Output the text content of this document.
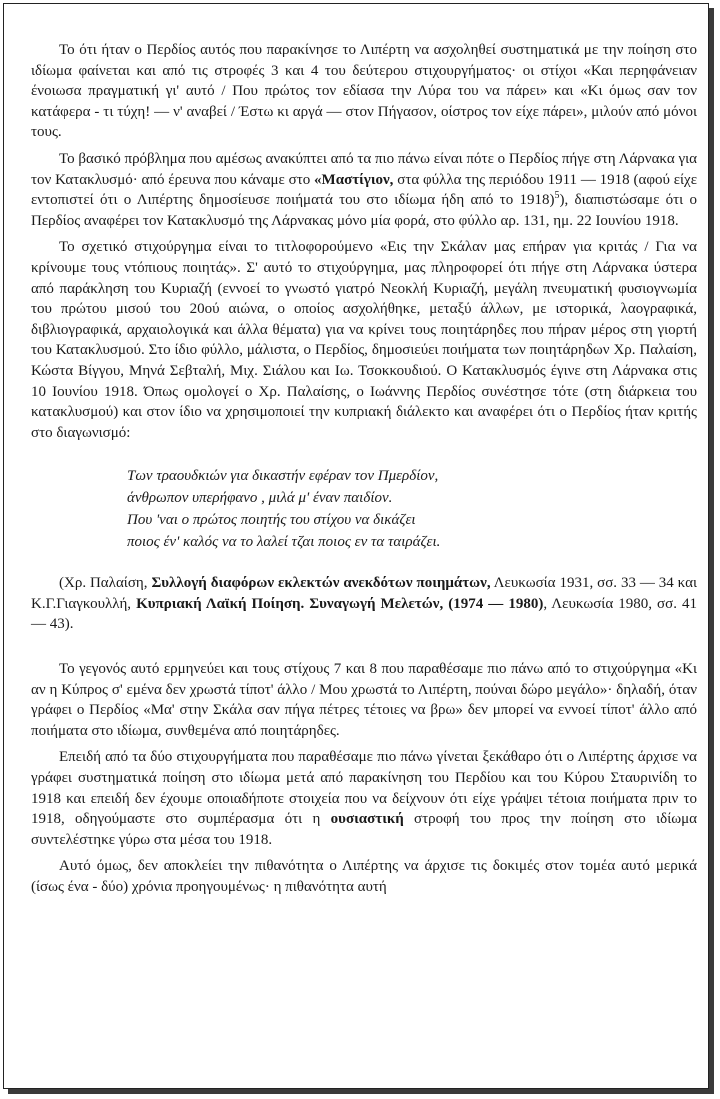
Το ότι ήταν ο Περδίος αυτός που παρακίνησε το Λιπέρτη να ασχοληθεί συστηματικά με την ποίηση στο ιδίωμα φαίνεται και από τις στροφές 3 και 4 του δεύτερου στιχουργήματος· οι στίχοι «Και περηφάνειαν ένοιωσα πραγματική γι' αυτό / Που πρώτος τον εδίασα την Λύρα του να πάρει» και «Κι όμως σαν τον κατάφερα - τι τύχη! — ν' αναβεί / Έστω κι αργά — στον Πήγασον, οίστρος τον είχε πάρει», μιλούν από μόνοι τους.

Το βασικό πρόβλημα που αμέσως ανακύπτει από τα πιο πάνω είναι πότε ο Περδίος πήγε στη Λάρνακα για τον Κατακλυσμό· από έρευνα που κάναμε στο «Μαστίγιον, στα φύλλα της περιόδου 1911 — 1918 (αφού είχε εντοπιστεί ότι ο Λιπέρτης δημοσίευσε ποιήματά του στο ιδίωμα ήδη από το 1918)$^5$), διαπιστώσαμε ότι ο Περδίος αναφέρει τον Κατακλυσμό της Λάρνακας μόνο μία φορά, στο φύλλο αρ. 131, ημ. 22 Ιουνίου 1918.

Το σχετικό στιχούργημα είναι το τιτλοφορούμενο «Εις την Σκάλαν μας επήραν για κριτάς / Για να κρίνουμε τους ντόπιους ποιητάς». Σ' αυτό το στιχούργημα, μας πληροφορεί ότι πήγε στη Λάρνακα ύστερα από παράκληση του Κυριαζή (εννοεί το γνωστό γιατρό Νεοκλή Κυριαζή, μεγάλη πνευματική φυσιογνωμία του πρώτου μισού του 20ού αιώνα, ο οποίος ασχολήθηκε, μεταξύ άλλων, με ιστορικά, λαογραφικά, διβλιογραφικά, αρχαιολογικά και άλλα θέματα) για να κρίνει τους ποιητάρηδες που πήραν μέρος στη γιορτή του Κατακλυσμού. Στο ίδιο φύλλο, μάλιστα, ο Περδίος, δημοσιεύει ποιήματα των ποιητάρηδων Χρ. Παλαίση, Κώστα Βίγγου, Μηνά Σεβταλή, Μιχ. Σιάλου και Ιω. Τσοκκουδιού. Ο Κατακλυσμός έγινε στη Λάρνακα στις 10 Ιουνίου 1918. Όπως ομολογεί ο Χρ. Παλαίσης, ο Ιωάννης Περδίος συνέστησε τότε (στη διάρκεια του κατακλυσμού) και στον ίδιο να χρησιμοποιεί την κυπριακή διάλεκτο και αναφέρει ότι ο Περδίος ήταν κριτής στο διαγωνισμό:

Των τραουδκιών για δικαστήν εφέραν τον Πμερδίον,
άνθρωπον υπερήφανο , μιλά μ' έναν παιδίον.
Που 'ναι ο πρώτος ποιητής του στίχου να δικάζει
ποιος έν' καλός να το λαλεί τζαι ποιος εν τα ταιράζει.

(Χρ. Παλαίση, Συλλογή διαφόρων εκλεκτών ανεκδότων ποιημάτων, Λευκωσία 1931, σσ. 33 — 34 και Κ.Γ.Γιαγκουλλή, Κυπριακή Λαϊκή Ποίηση. Συναγωγή Μελετών, (1974 — 1980), Λευκωσία 1980, σσ. 41 — 43).

Το γεγονός αυτό ερμηνεύει και τους στίχους 7 και 8 που παραθέσαμε πιο πάνω από το στιχούργημα «Κι αν η Κύπρος σ' εμένα δεν χρωστά τίποτ' άλλο / Μου χρωστά το Λιπέρτη, πούναι δώρο μεγάλο»· δηλαδή, όταν γράφει ο Περδίος «Μα' στην Σκάλα σαν πήγα πέτρες τέτοιες να βρω» δεν μπορεί να εννοεί τίποτ' άλλο από ποιήματα στο ιδίωμα, συνθεμένα από ποιητάρηδες.

Επειδή από τα δύο στιχουργήματα που παραθέσαμε πιο πάνω γίνεται ξεκάθαρο ότι ο Λιπέρτης άρχισε να γράφει συστηματικά ποίηση στο ιδίωμα μετά από παρακίνηση του Περδίου και του Κύρου Σταυρινίδη το 1918 και επειδή δεν έχουμε οποιαδήποτε στοιχεία που να δείχνουν ότι είχε γράψει τέτοια ποιήματα πριν το 1918, οδηγούμαστε στο συμπέρασμα ότι η ουσιαστική στροφή του προς την ποίηση στο ιδίωμα συντελέστηκε γύρω στα μέσα του 1918.

Αυτό όμως, δεν αποκλείει την πιθανότητα ο Λιπέρτης να άρχισε τις δοκιμές στον τομέα αυτό μερικά (ίσως ένα - δύο) χρόνια προηγουμένως· η πιθανότητα αυτή
